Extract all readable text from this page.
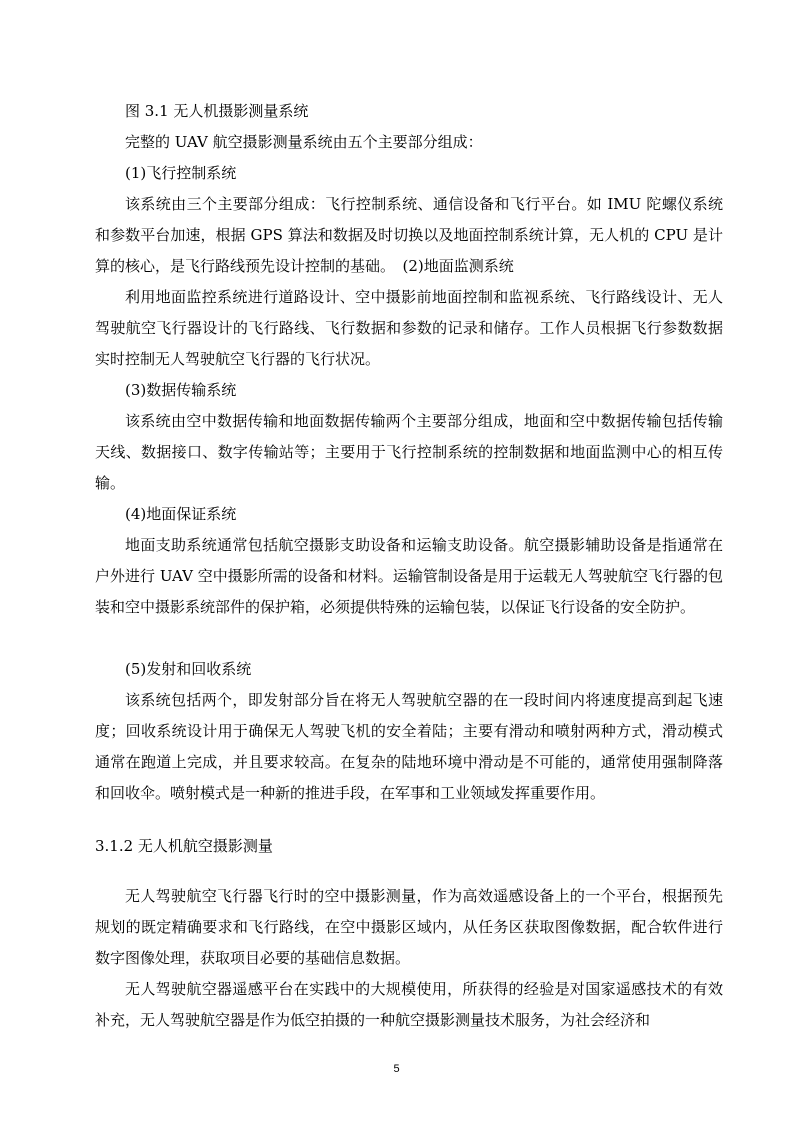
图 3.1 无人机摄影测量系统
完整的 UAV 航空摄影测量系统由五个主要部分组成：
(1)飞行控制系统
该系统由三个主要部分组成：飞行控制系统、通信设备和飞行平台。如 IMU 陀螺仪系统和参数平台加速，根据 GPS 算法和数据及时切换以及地面控制系统计算，无人机的 CPU 是计算的核心，是飞行路线预先设计控制的基础。　(2)地面监测系统
利用地面监控系统进行道路设计、空中摄影前地面控制和监视系统、飞行路线设计、无人驾驶航空飞行器设计的飞行路线、飞行数据和参数的记录和储存。工作人员根据飞行参数数据实时控制无人驾驶航空飞行器的飞行状况。
(3)数据传输系统
该系统由空中数据传输和地面数据传输两个主要部分组成，地面和空中数据传输包括传输天线、数据接口、数字传输站等；主要用于飞行控制系统的控制数据和地面监测中心的相互传输。
(4)地面保证系统
地面支助系统通常包括航空摄影支助设备和运输支助设备。航空摄影辅助设备是指通常在户外进行 UAV 空中摄影所需的设备和材料。运输管制设备是用于运载无人驾驶航空飞行器的包装和空中摄影系统部件的保护箱，必须提供特殊的运输包装，以保证飞行设备的安全防护。
(5)发射和回收系统
该系统包括两个，即发射部分旨在将无人驾驶航空器的在一段时间内将速度提高到起飞速度；回收系统设计用于确保无人驾驶飞机的安全着陆；主要有滑动和喷射两种方式，滑动模式通常在跑道上完成，并且要求较高。在复杂的陆地环境中滑动是不可能的，通常使用强制降落和回收伞。喷射模式是一种新的推进手段，在军事和工业领域发挥重要作用。
3.1.2 无人机航空摄影测量
无人驾驶航空飞行器飞行时的空中摄影测量，作为高效遥感设备上的一个平台，根据预先规划的既定精确要求和飞行路线，在空中摄影区域内，从任务区获取图像数据，配合软件进行数字图像处理，获取项目必要的基础信息数据。
无人驾驶航空器遥感平台在实践中的大规模使用，所获得的经验是对国家遥感技术的有效补充，无人驾驶航空器是作为低空拍摄的一种航空摄影测量技术服务，为社会经济和
5
